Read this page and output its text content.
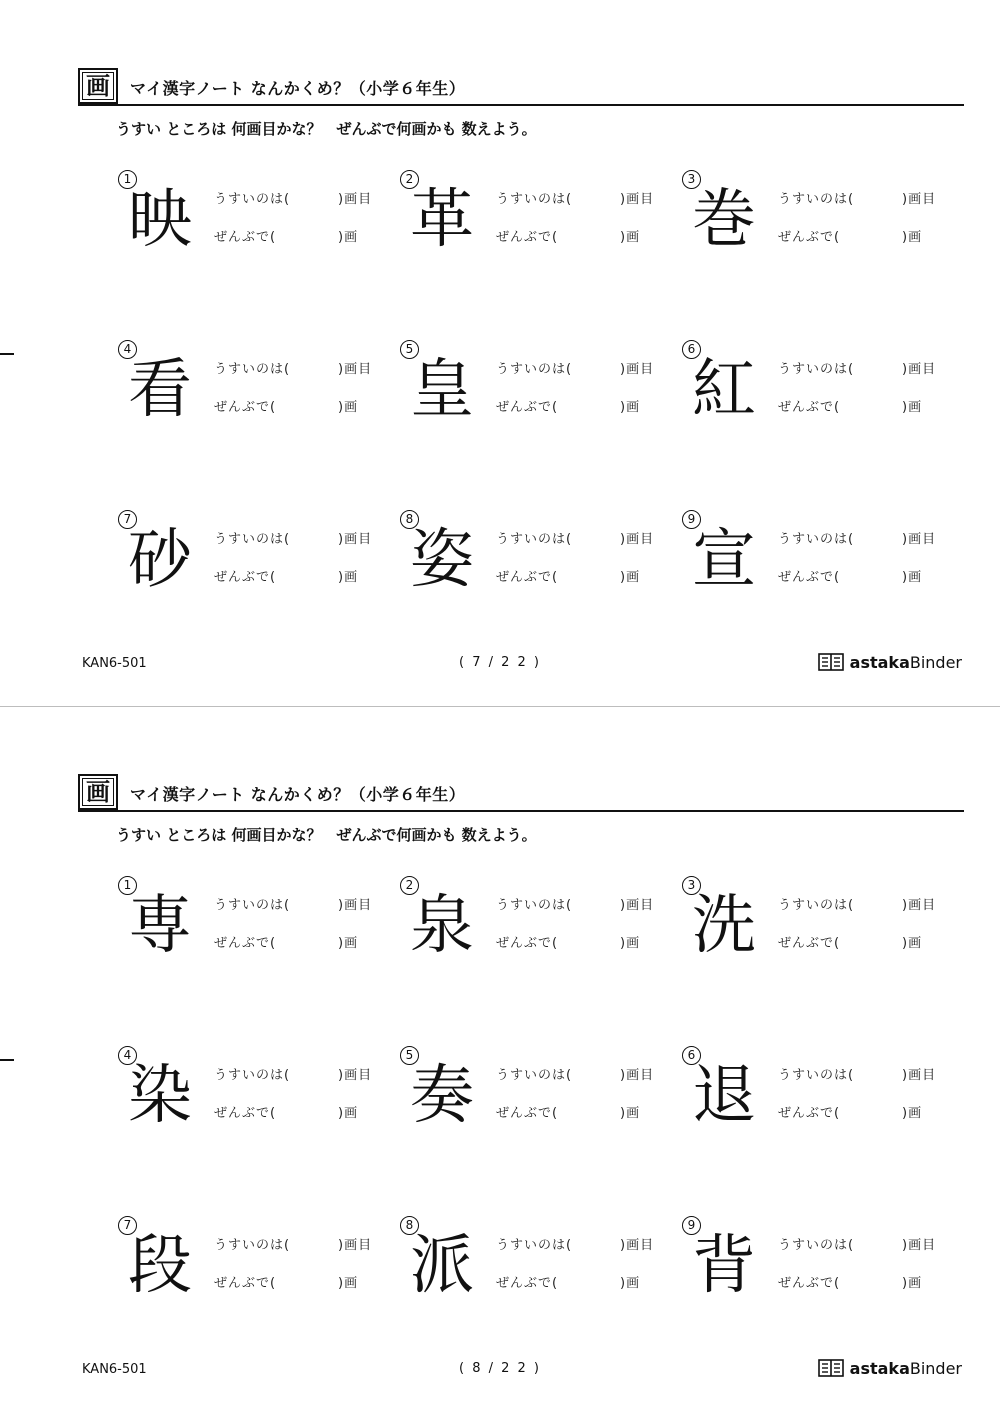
画 マイ漢字ノート なんかくめ？（小学６年生）
うすい ところは 何画目かな？　ぜんぶで何画かも 数えよう。
1
映 うすいのは(	)画目
ぜんぶで(	)画
2
革 うすいのは(	)画目
ぜんぶで(	)画
3
巻 うすいのは(	)画目
ぜんぶで(	)画
4
看 うすいのは(	)画目
ぜんぶで(	)画
5
皇 うすいのは(	)画目
ぜんぶで(	)画
6
紅 うすいのは(	)画目
ぜんぶで(	)画
7
砂 うすいのは(	)画目
ぜんぶで(	)画
8
姿 うすいのは(	)画目
ぜんぶで(	)画
9
宣 うすいのは(	)画目
ぜんぶで(	)画
KAN6-501	( 7 / 2 2 )	astaka Binder
画 マイ漢字ノート なんかくめ？（小学６年生）
うすい ところは 何画目かな？　ぜんぶで何画かも 数えよう。
1
専 うすいのは(	)画目
ぜんぶで(	)画
2
泉 うすいのは(	)画目
ぜんぶで(	)画
3
洗 うすいのは(	)画目
ぜんぶで(	)画
4
染 うすいのは(	)画目
ぜんぶで(	)画
5
奏 うすいのは(	)画目
ぜんぶで(	)画
6
退 うすいのは(	)画目
ぜんぶで(	)画
7
段 うすいのは(	)画目
ぜんぶで(	)画
8
派 うすいのは(	)画目
ぜんぶで(	)画
9
背 うすいのは(	)画目
ぜんぶで(	)画
KAN6-501	( 8 / 2 2 )	astaka Binder
